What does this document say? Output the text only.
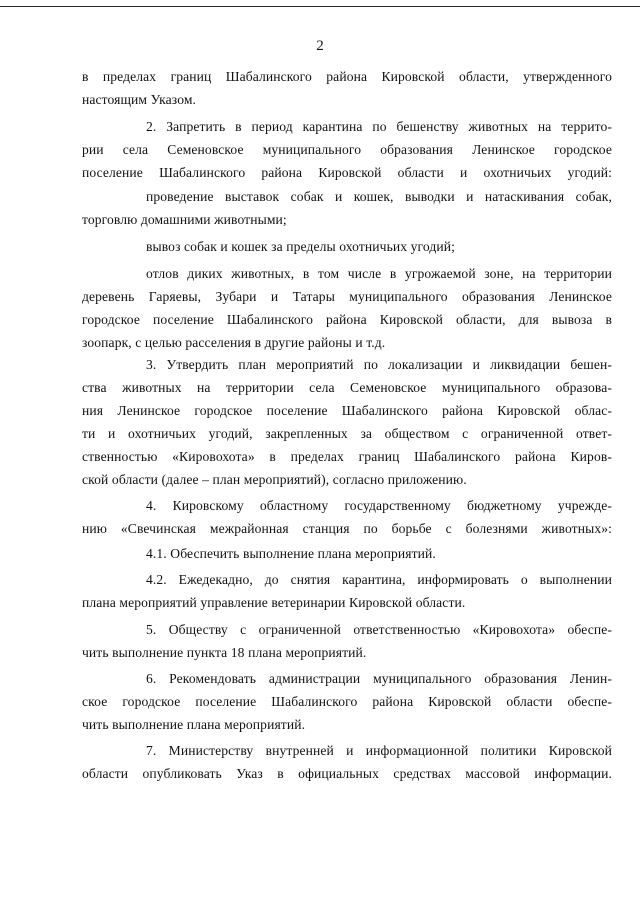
2
в пределах границ Шабалинского района Кировской области, утвержденного
настоящим Указом.
2. Запретить в период карантина по бешенству животных на террито-
рии села Семеновское муниципального образования Ленинское городское
поселение Шабалинского района Кировской области и охотничьих угодий:
проведение выставок собак и кошек, выводки и натаскивания собак,
торговлю домашними животными;
вывоз собак и кошек за пределы охотничьих угодий;
отлов диких животных, в том числе в угрожаемой зоне, на территории
деревень Гаряевы, Зубари и Татары муниципального образования Ленинское
городское поселение Шабалинского района Кировской области, для вывоза в
зоопарк, с целью расселения в другие районы и т.д.
3. Утвердить план мероприятий по локализации и ликвидации бешен-
ства животных на территории села Семеновское муниципального образова-
ния Ленинское городское поселение Шабалинского района Кировской облас-
ти и охотничьих угодий, закрепленных за обществом с ограниченной ответ-
ственностью «Кировохота» в пределах границ Шабалинского района Киров-
ской области (далее – план мероприятий), согласно приложению.
4. Кировскому областному государственному бюджетному учрежде-
нию «Свечинская межрайонная станция по борьбе с болезнями животных»:
4.1. Обеспечить выполнение плана мероприятий.
4.2. Ежедекадно, до снятия карантина, информировать о выполнении
плана мероприятий управление ветеринарии Кировской области.
5. Обществу с ограниченной ответственностью «Кировохота» обеспе-
чить выполнение пункта 18 плана мероприятий.
6. Рекомендовать администрации муниципального образования Ленин-
ское городское поселение Шабалинского района Кировской области обеспе-
чить выполнение плана мероприятий.
7. Министерству внутренней и информационной политики Кировской
области опубликовать Указ в официальных средствах массовой информации.
